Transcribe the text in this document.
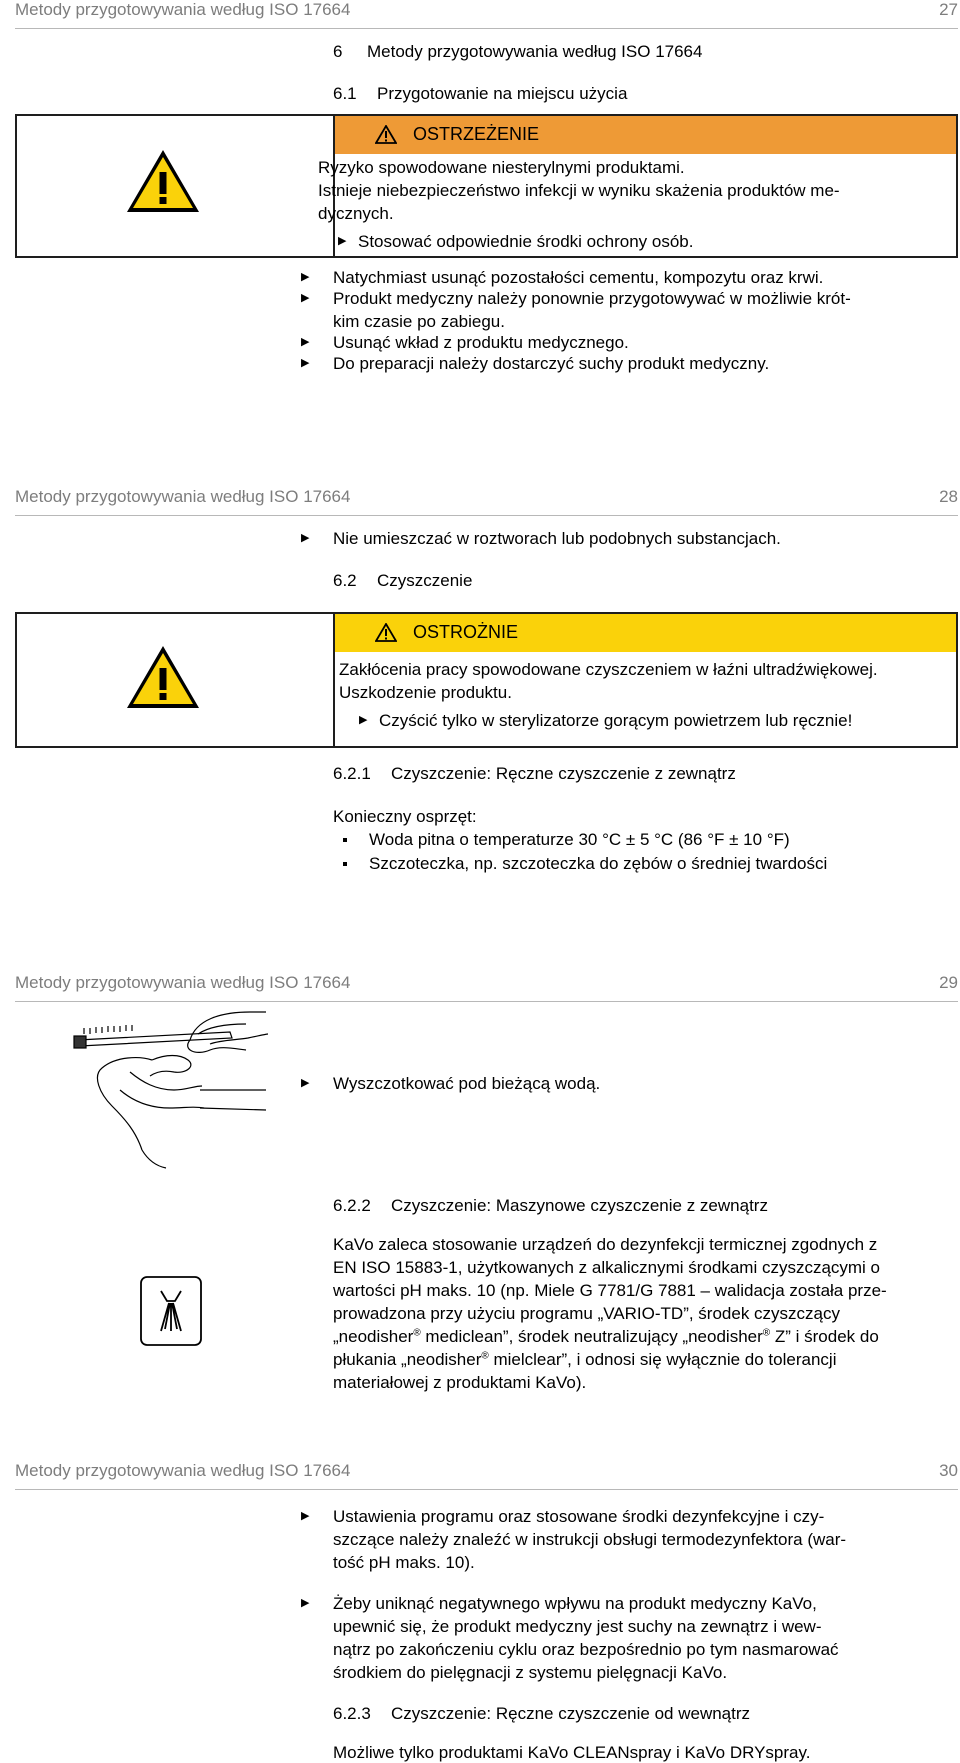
Metody przygotowywania według ISO 17664	27
6 Metody przygotowywania według ISO 17664
6.1 Przygotowanie na miejscu użycia
OSTRZEŻENIE
Ryzyko spowodowane niesterylnymi produktami.
Istnieje niebezpieczeństwo infekcji w wyniku skażenia produktów me-
dycznych.
▶ Stosować odpowiednie środki ochrony osób.
▶ Natychmiast usunąć pozostałości cementu, kompozytu oraz krwi.
▶ Produkt medyczny należy ponownie przygotowywać w możliwie krót-
kim czasie po zabiegu.
▶ Usunąć wkład z produktu medycznego.
▶ Do preparacji należy dostarczyć suchy produkt medyczny.
Metody przygotowywania według ISO 17664	28
▶ Nie umieszczać w roztworach lub podobnych substancjach.
6.2 Czyszczenie
OSTROŻNIE
Zakłócenia pracy spowodowane czyszczeniem w łaźni ultradźwiękowej.
Uszkodzenie produktu.
▶ Czyścić tylko w sterylizatorze gorącym powietrzem lub ręcznie!
6.2.1 Czyszczenie: Ręczne czyszczenie z zewnątrz
Konieczny osprzęt:
Woda pitna o temperaturze 30 °C ± 5 °C (86 °F ± 10 °F)
Szczoteczka, np. szczoteczka do zębów o średniej twardości
Metody przygotowywania według ISO 17664	29
▶ Wyszczotkować pod bieżącą wodą.
6.2.2 Czyszczenie: Maszynowe czyszczenie z zewnątrz
KaVo zaleca stosowanie urządzeń do dezynfekcji termicznej zgodnych z
EN ISO 15883-1, użytkowanych z alkalicznymi środkami czyszczącymi o
wartości pH maks. 10 (np. Miele G 7781/G 7881 – walidacja została prze-
prowadzona przy użyciu programu „VARIO-TD”, środek czyszczący
„neodisher® mediclean”, środek neutralizujący „neodisher® Z” i środek do
płukania „neodisher® mielclear”, i odnosi się wyłącznie do tolerancji
materiałowej z produktami KaVo).
Metody przygotowywania według ISO 17664	30
▶ Ustawienia programu oraz stosowane środki dezynfekcyjne i czy-
szczące należy znaleźć w instrukcji obsługi termodezynfektora (war-
tość pH maks. 10).
▶ Żeby uniknąć negatywnego wpływu na produkt medyczny KaVo,
upewnić się, że produkt medyczny jest suchy na zewnątrz i wew-
nątrz po zakończeniu cyklu oraz bezpośrednio po tym nasmarować
środkiem do pielęgnacji z systemu pielęgnacji KaVo.
6.2.3 Czyszczenie: Ręczne czyszczenie od wewnątrz
Możliwe tylko produktami KaVo CLEANspray i KaVo DRYspray.
